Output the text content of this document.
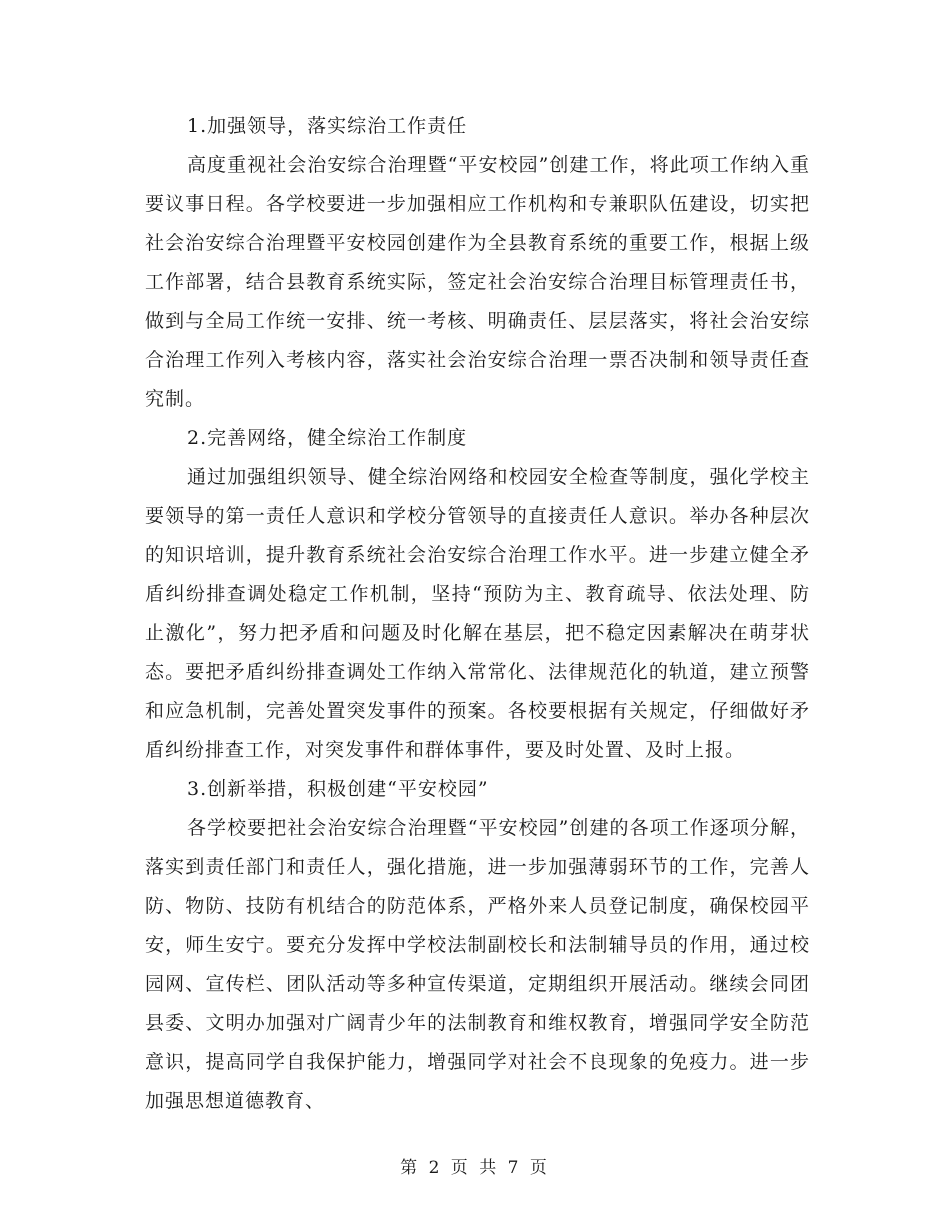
1.加强领导，落实综治工作责任

高度重视社会治安综合治理暨“平安校园”创建工作，将此项工作纳入重要议事日程。各学校要进一步加强相应工作机构和专兼职队伍建设，切实把社会治安综合治理暨平安校园创建作为全县教育系统的重要工作，根据上级工作部署，结合县教育系统实际，签定社会治安综合治理目标管理责任书，做到与全局工作统一安排、统一考核、明确责任、层层落实，将社会治安综合治理工作列入考核内容，落实社会治安综合治理一票否决制和领导责任查究制。

2.完善网络，健全综治工作制度

通过加强组织领导、健全综治网络和校园安全检查等制度，强化学校主要领导的第一责任人意识和学校分管领导的直接责任人意识。举办各种层次的知识培训，提升教育系统社会治安综合治理工作水平。进一步建立健全矛盾纠纷排查调处稳定工作机制，坚持“预防为主、教育疏导、依法处理、防止激化”，努力把矛盾和问题及时化解在基层，把不稳定因素解决在萌芽状态。要把矛盾纠纷排查调处工作纳入常常化、法律规范化的轨道，建立预警和应急机制，完善处置突发事件的预案。各校要根据有关规定，仔细做好矛盾纠纷排查工作，对突发事件和群体事件，要及时处置、及时上报。

3.创新举措，积极创建“平安校园”

各学校要把社会治安综合治理暨“平安校园”创建的各项工作逐项分解，落实到责任部门和责任人，强化措施，进一步加强薄弱环节的工作，完善人防、物防、技防有机结合的防范体系，严格外来人员登记制度，确保校园平安，师生安宁。要充分发挥中学校法制副校长和法制辅导员的作用，通过校园网、宣传栏、团队活动等多种宣传渠道，定期组织开展活动。继续会同团县委、文明办加强对广阔青少年的法制教育和维权教育，增强同学安全防范意识，提高同学自我保护能力，增强同学对社会不良现象的免疫力。进一步加强思想道德教育、

第 2 页 共 7 页
